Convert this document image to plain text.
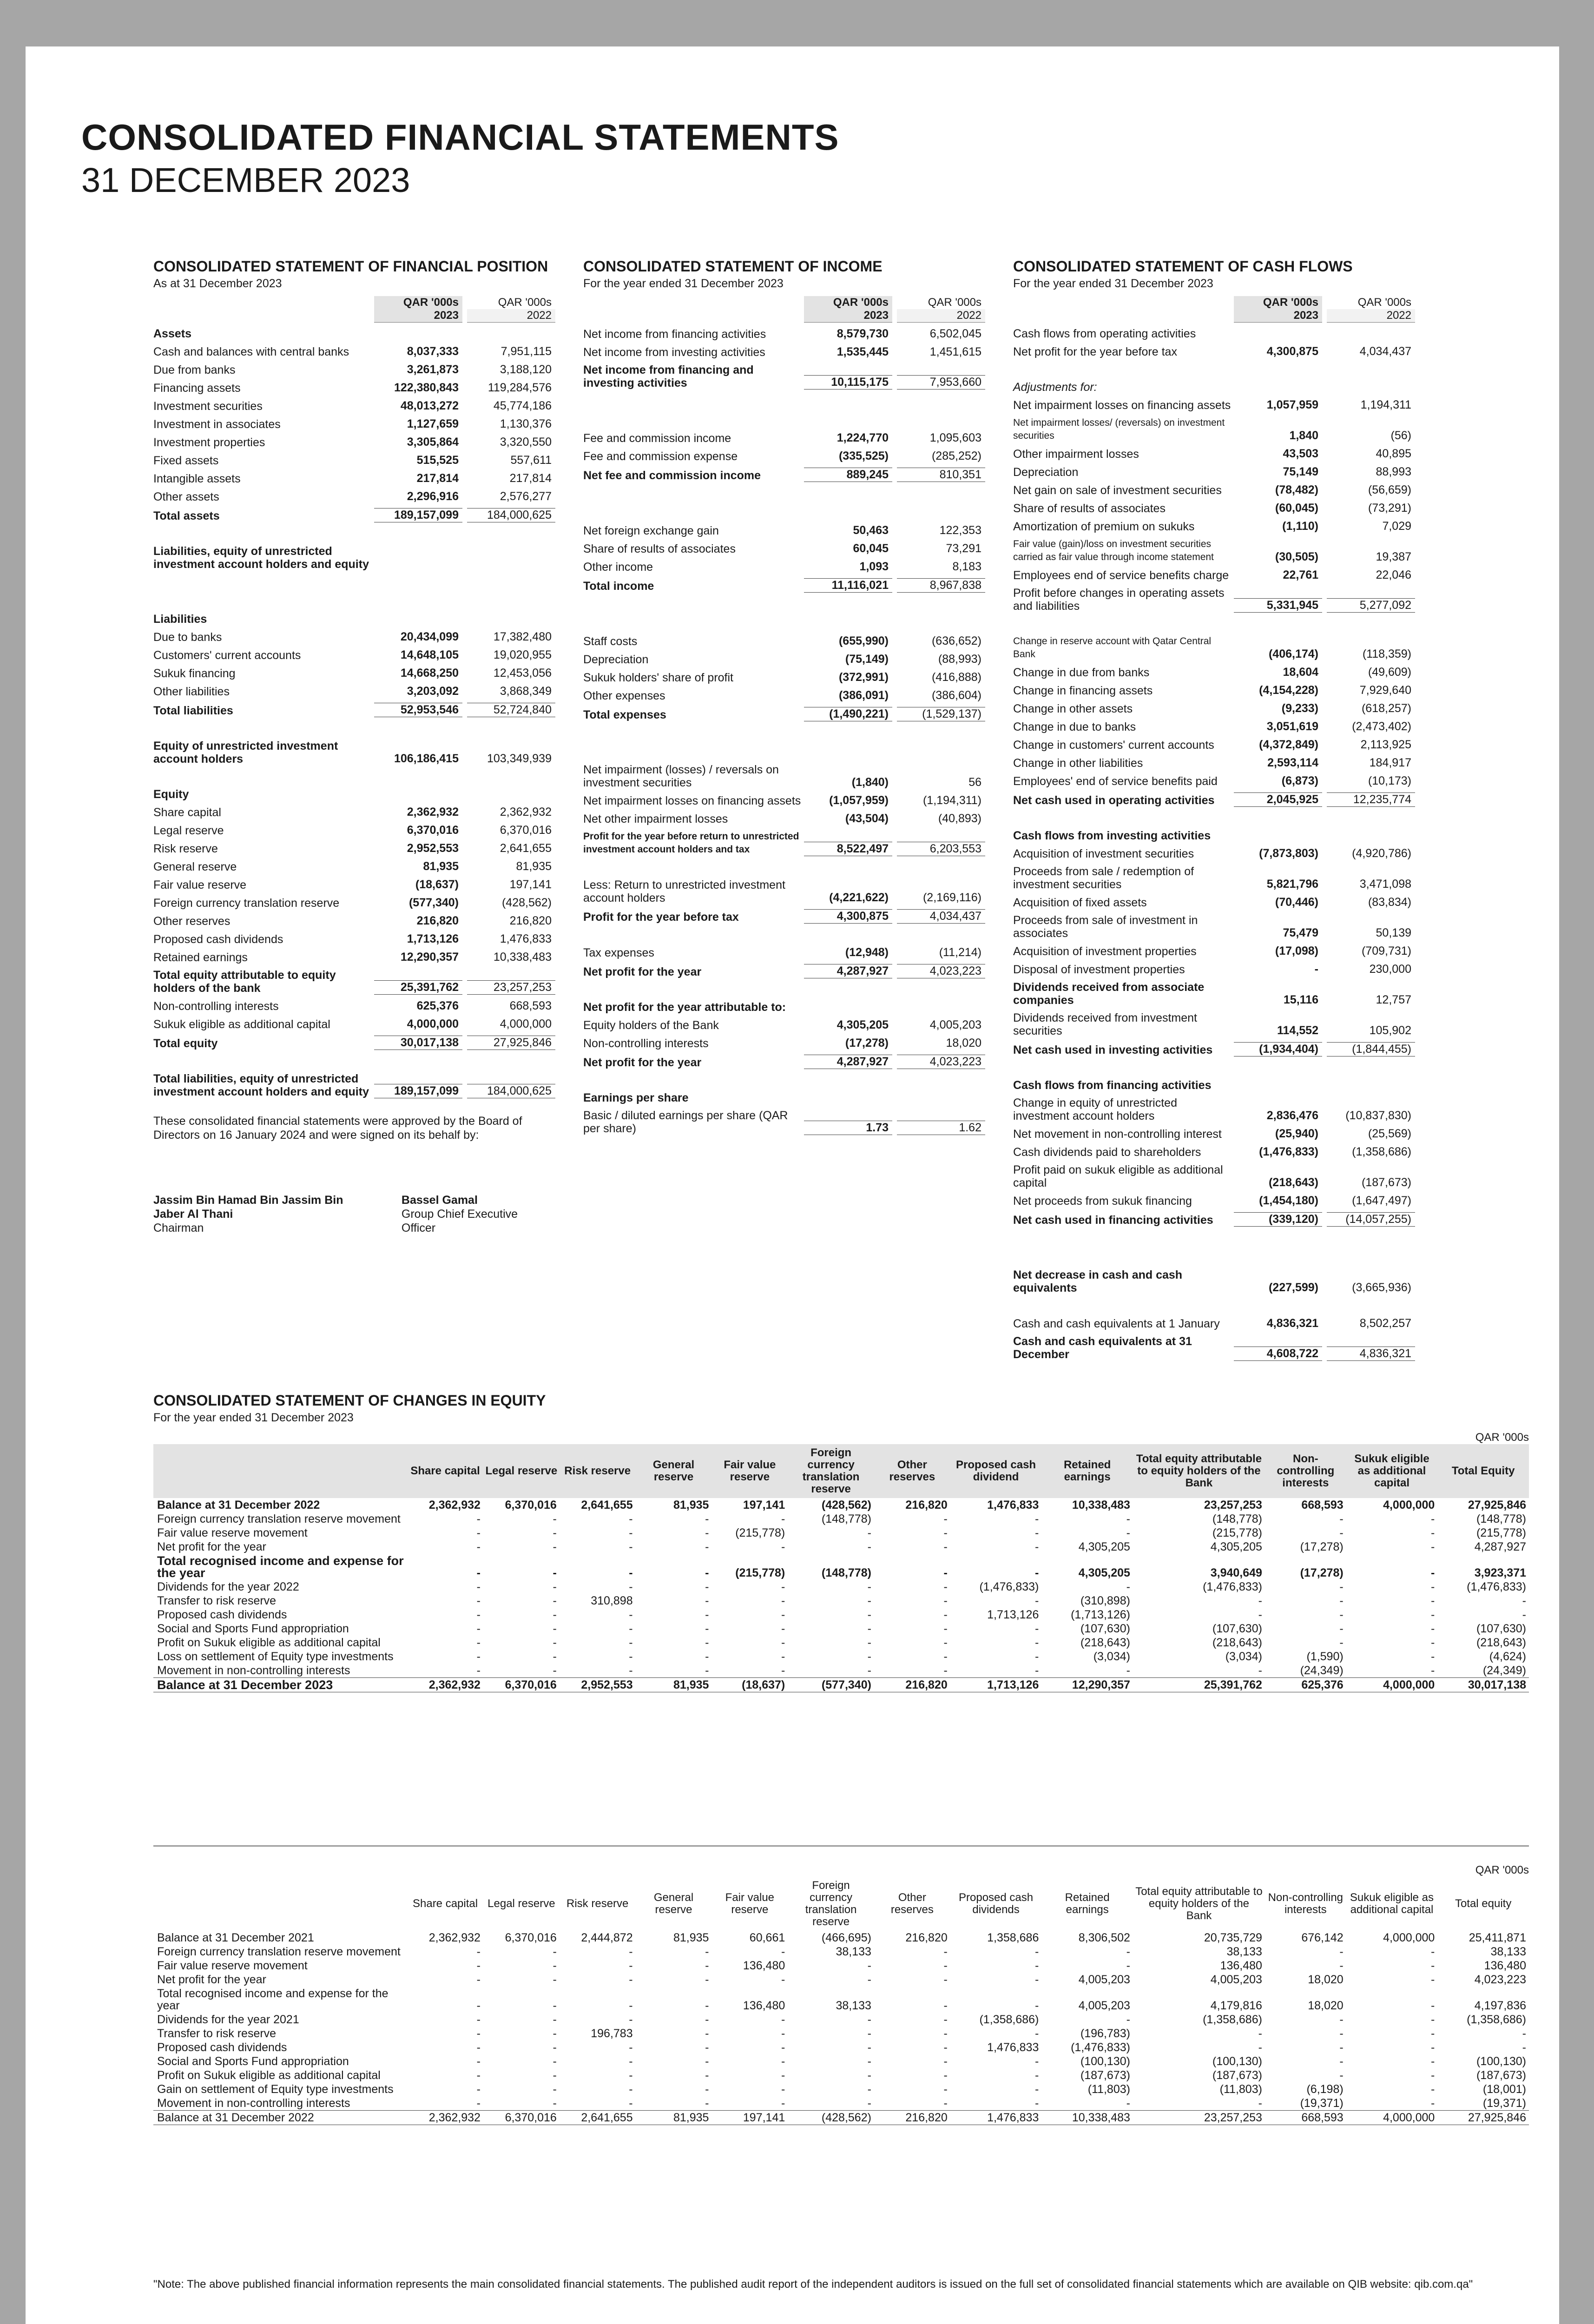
CONSOLIDATED FINANCIAL STATEMENTS
31 DECEMBER 2023
CONSOLIDATED STATEMENT OF FINANCIAL POSITION
As at 31 December 2023
QAR '000s	QAR '000s
2023	2022
Assets
Cash and balances with central banks	8,037,333	7,951,115
Due from banks	3,261,873	3,188,120
Financing assets	122,380,843	119,284,576
Investment securities	48,013,272	45,774,186
Investment in associates	1,127,659	1,130,376
Investment properties	3,305,864	3,320,550
Fixed assets	515,525	557,611
Intangible assets	217,814	217,814
Other assets	2,296,916	2,576,277
Total assets	189,157,099	184,000,625
Liabilities, equity of unrestricted investment account holders and equity
Liabilities
Due to banks	20,434,099	17,382,480
Customers' current accounts	14,648,105	19,020,955
Sukuk financing	14,668,250	12,453,056
Other liabilities	3,203,092	3,868,349
Total liabilities	52,953,546	52,724,840
Equity of unrestricted investment account holders	106,186,415	103,349,939
Equity
Share capital	2,362,932	2,362,932
Legal reserve	6,370,016	6,370,016
Risk reserve	2,952,553	2,641,655
General reserve	81,935	81,935
Fair value reserve	(18,637)	197,141
Foreign currency translation reserve	(577,340)	(428,562)
Other reserves	216,820	216,820
Proposed cash dividends	1,713,126	1,476,833
Retained earnings	12,290,357	10,338,483
Total equity attributable to equity holders of the bank	25,391,762	23,257,253
Non-controlling interests	625,376	668,593
Sukuk eligible as additional capital	4,000,000	4,000,000
Total equity	30,017,138	27,925,846
Total liabilities, equity of unrestricted investment account holders and equity	189,157,099	184,000,625
These consolidated financial statements were approved by the Board of Directors on 16 January 2024 and were signed on its behalf by:
Jassim Bin Hamad Bin Jassim Bin Jaber Al Thani
Chairman
Bassel Gamal
Group Chief Executive Officer
CONSOLIDATED STATEMENT OF INCOME
For the year ended 31 December 2023
QAR '000s	QAR '000s
2023	2022
Net income from financing activities	8,579,730	6,502,045
Net income from investing activities	1,535,445	1,451,615
Net income from financing and investing activities	10,115,175	7,953,660
Fee and commission income	1,224,770	1,095,603
Fee and commission expense	(335,525)	(285,252)
Net fee and commission income	889,245	810,351
Net foreign exchange gain	50,463	122,353
Share of results of associates	60,045	73,291
Other income	1,093	8,183
Total income	11,116,021	8,967,838
Staff costs	(655,990)	(636,652)
Depreciation	(75,149)	(88,993)
Sukuk holders' share of profit	(372,991)	(416,888)
Other expenses	(386,091)	(386,604)
Total expenses	(1,490,221)	(1,529,137)
Net impairment (losses) / reversals on investment securities	(1,840)	56
Net impairment losses on financing assets	(1,057,959)	(1,194,311)
Net other impairment losses	(43,504)	(40,893)
Profit for the year before return to unrestricted investment account holders and tax	8,522,497	6,203,553
Less: Return to unrestricted investment account holders	(4,221,622)	(2,169,116)
Profit for the year before tax	4,300,875	4,034,437
Tax expenses	(12,948)	(11,214)
Net profit for the year	4,287,927	4,023,223
Net profit for the year attributable to:
Equity holders of the Bank	4,305,205	4,005,203
Non-controlling interests	(17,278)	18,020
Net profit for the year	4,287,927	4,023,223
Earnings per share
Basic / diluted earnings per share (QAR per share)	1.73	1.62
CONSOLIDATED STATEMENT OF CASH FLOWS
For the year ended 31 December 2023
QAR '000s	QAR '000s
2023	2022
Cash flows from operating activities
Net profit for the year before tax	4,300,875	4,034,437
Adjustments for:
Net impairment losses on financing assets	1,057,959	1,194,311
Net impairment losses/ (reversals) on investment securities	1,840	(56)
Other impairment losses	43,503	40,895
Depreciation	75,149	88,993
Net gain on sale of investment securities	(78,482)	(56,659)
Share of results of associates	(60,045)	(73,291)
Amortization of premium on sukuks	(1,110)	7,029
Fair value (gain)/loss on investment securities carried as fair value through income statement	(30,505)	19,387
Employees end of service benefits charge	22,761	22,046
Profit before changes in operating assets and liabilities	5,331,945	5,277,092
Change in reserve account with Qatar Central Bank	(406,174)	(118,359)
Change in due from banks	18,604	(49,609)
Change in financing assets	(4,154,228)	7,929,640
Change in other assets	(9,233)	(618,257)
Change in due to banks	3,051,619	(2,473,402)
Change in customers' current accounts	(4,372,849)	2,113,925
Change in other liabilities	2,593,114	184,917
Employees' end of service benefits paid	(6,873)	(10,173)
Net cash used in operating activities	2,045,925	12,235,774
Cash flows from investing activities
Acquisition of investment securities	(7,873,803)	(4,920,786)
Proceeds from sale / redemption of investment securities	5,821,796	3,471,098
Acquisition of fixed assets	(70,446)	(83,834)
Proceeds from sale of investment in associates	75,479	50,139
Acquisition of investment properties	(17,098)	(709,731)
Disposal of investment properties	-	230,000
Dividends received from associate companies	15,116	12,757
Dividends received from investment securities	114,552	105,902
Net cash used in investing activities	(1,934,404)	(1,844,455)
Cash flows from financing activities
Change in equity of unrestricted investment account holders	2,836,476	(10,837,830)
Net movement in non-controlling interest	(25,940)	(25,569)
Cash dividends paid to shareholders	(1,476,833)	(1,358,686)
Profit paid on sukuk eligible as additional capital	(218,643)	(187,673)
Net proceeds from sukuk financing	(1,454,180)	(1,647,497)
Net cash used in financing activities	(339,120)	(14,057,255)
Net decrease in cash and cash equivalents	(227,599)	(3,665,936)
Cash and cash equivalents at 1 January	4,836,321	8,502,257
Cash and cash equivalents at 31 December	4,608,722	4,836,321
CONSOLIDATED STATEMENT OF CHANGES IN EQUITY
For the year ended 31 December 2023
QAR '000s
	Share capital	Legal reserve	Risk reserve	General reserve	Fair value reserve	Foreign currency translation reserve	Other reserves	Proposed cash dividend	Retained earnings	Total equity attributable to equity holders of the Bank	Non-controlling interests	Sukuk eligible as additional capital	Total Equity
Balance at 31 December 2022	2,362,932	6,370,016	2,641,655	81,935	197,141	(428,562)	216,820	1,476,833	10,338,483	23,257,253	668,593	4,000,000	27,925,846
Foreign currency translation reserve movement	-	-	-	-	-	(148,778)	-	-	-	(148,778)	-	-	(148,778)
Fair value reserve movement	-	-	-	-	(215,778)	-	-	-	-	(215,778)	-	-	(215,778)
Net profit for the year	-	-	-	-	-	-	-	-	4,305,205	4,305,205	(17,278)	-	4,287,927
Total recognised income and expense for the year	-	-	-	-	(215,778)	(148,778)	-	-	4,305,205	3,940,649	(17,278)	-	3,923,371
Dividends for the year 2022	-	-	-	-	-	-	-	(1,476,833)	-	(1,476,833)	-	-	(1,476,833)
Transfer to risk reserve	-	-	310,898	-	-	-	-	-	(310,898)	-	-	-	-
Proposed cash dividends	-	-	-	-	-	-	-	1,713,126	(1,713,126)	-	-	-	-
Social and Sports Fund appropriation	-	-	-	-	-	-	-	-	(107,630)	(107,630)	-	-	(107,630)
Profit on Sukuk eligible as additional capital	-	-	-	-	-	-	-	-	(218,643)	(218,643)	-	-	(218,643)
Loss on settlement of Equity type investments	-	-	-	-	-	-	-	-	(3,034)	(3,034)	(1,590)	-	(4,624)
Movement in non-controlling interests	-	-	-	-	-	-	-	-	-	-	(24,349)	-	(24,349)
Balance at 31 December 2023	2,362,932	6,370,016	2,952,553	81,935	(18,637)	(577,340)	216,820	1,713,126	12,290,357	25,391,762	625,376	4,000,000	30,017,138
QAR '000s
	Share capital	Legal reserve	Risk reserve	General reserve	Fair value reserve	Foreign currency translation reserve	Other reserves	Proposed cash dividends	Retained earnings	Total equity attributable to equity holders of the Bank	Non-controlling interests	Sukuk eligible as additional capital	Total equity
Balance at 31 December 2021	2,362,932	6,370,016	2,444,872	81,935	60,661	(466,695)	216,820	1,358,686	8,306,502	20,735,729	676,142	4,000,000	25,411,871
Foreign currency translation reserve movement	-	-	-	-	-	38,133	-	-	-	38,133	-	-	38,133
Fair value reserve movement	-	-	-	-	136,480	-	-	-	-	136,480	-	-	136,480
Net profit for the year	-	-	-	-	-	-	-	-	4,005,203	4,005,203	18,020	-	4,023,223
Total recognised income and expense for the year	-	-	-	-	136,480	38,133	-	-	4,005,203	4,179,816	18,020	-	4,197,836
Dividends for the year 2021	-	-	-	-	-	-	-	(1,358,686)	-	(1,358,686)	-	-	(1,358,686)
Transfer to risk reserve	-	-	196,783	-	-	-	-	-	(196,783)	-	-	-	-
Proposed cash dividends	-	-	-	-	-	-	-	1,476,833	(1,476,833)	-	-	-	-
Social and Sports Fund appropriation	-	-	-	-	-	-	-	-	(100,130)	(100,130)	-	-	(100,130)
Profit on Sukuk eligible as additional capital	-	-	-	-	-	-	-	-	(187,673)	(187,673)	-	-	(187,673)
Gain on settlement of Equity type investments	-	-	-	-	-	-	-	-	(11,803)	(11,803)	(6,198)	-	(18,001)
Movement in non-controlling interests	-	-	-	-	-	-	-	-	-	-	(19,371)	-	(19,371)
Balance at 31 December 2022	2,362,932	6,370,016	2,641,655	81,935	197,141	(428,562)	216,820	1,476,833	10,338,483	23,257,253	668,593	4,000,000	27,925,846
"Note: The above published financial information represents the main consolidated financial statements. The published audit report of the independent auditors is issued on the full set of consolidated financial statements which are available on QIB website: qib.com.qa"
